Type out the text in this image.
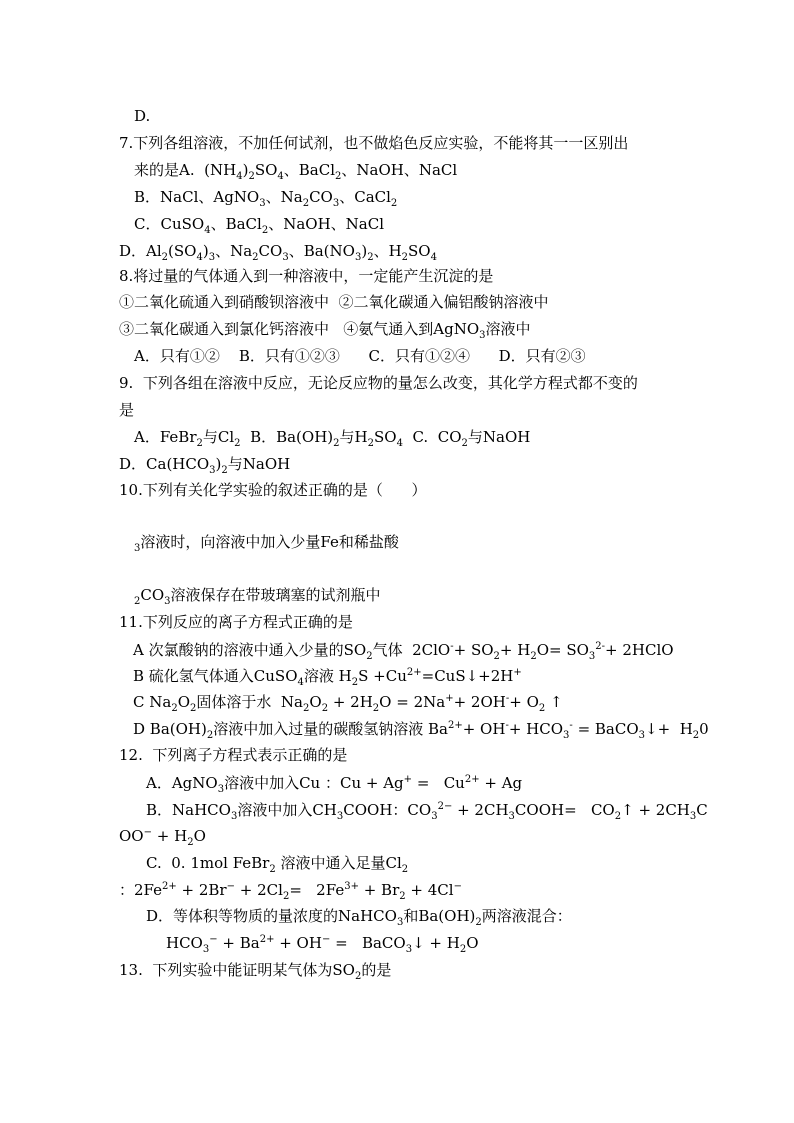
D.
7.下列各组溶液，不加任何试剂，也不做焰色反应实验，不能将其一一区别出
来的是A.  $(NH_4)_2SO_4$、BaCl$_2$、NaOH、NaCl
B．NaCl、AgNO$_3$、$Na_2CO_3$、CaCl$_2$
C．CuSO$_4$、BaCl$_2$、NaOH、NaCl
D．$Al_2(SO_4)_3$、$Na_2CO_3$、$Ba(NO_3)_2$、$H_2SO_4$
8.将过量的气体通入到一种溶液中，一定能产生沉淀的是
①二氧化硫通入到硝酸钡溶液中  ②二氧化碳通入偏铝酸钠溶液中
③二氧化碳通入到氯化钙溶液中   ④氨气通入到AgNO$_3$溶液中
A．只有①②    B．只有①②③      C．只有①②④      D．只有②③
9.  下列各组在溶液中反应，无论反应物的量怎么改变，其化学方程式都不变的
是
A．FeBr$_2$与$Cl_2$  B．$Ba(OH)_2$与$H_2SO_4$  C.  $CO_2$与NaOH
D．$Ca(HCO_3)_2$与NaOH
10.下列有关化学实验的叙述正确的是（      ）
$_3$溶液时，向溶液中加入少量Fe和稀盐酸
$_2CO_3$溶液保存在带玻璃塞的试剂瓶中
11.下列反应的离子方程式正确的是
A 次氯酸钠的溶液中通入少量的$SO_2$气体  $2ClO^-+ SO_2+ H_2O= SO_3^{2-}+$ 2HClO
B 硫化氢气体通入CuSO$_4$溶液 $H_2S$ $+Cu^{2+}=CuS↓+2H^+$
C $Na_2O_2$固体溶于水  $Na_2O_2 + 2H_2O = 2Na^++ 2OH^-+ O_2$ ↑
D $Ba(OH)_2$溶液中加入过量的碳酸氢钠溶液 $Ba^{2+}+ OH^-+ HCO_3^-$ = BaCO$_3$↓+  $H_20$
12.  下列离子方程式表示正确的是
A．AgNO$_3$溶液中加入Cu ：$Cu + Ag^+ = Cu^{2+} + Ag$
B．NaHCO$_3$溶液中加入$CH_3COOH$：$CO_3^{2-}$ + $2CH_3COOH=$   $CO_2↑ + 2CH_3C$
$OO^- + H_2O$
C.  0. 1mol FeBr$_2$ 溶液中通入足量$Cl_2$
：$2Fe^{2+} + 2Br^- + 2Cl_2= 2Fe^{3+} + Br_2 + 4Cl^-$
D．等体积等物质的量浓度的NaHCO$_3$和$Ba(OH)_2$两溶液混合：
$HCO_3^- + Ba^{2+} + OH^-$ =   BaCO$_3$↓ + $H_2O$
13.  下列实验中能证明某气体为$SO_2$的是
